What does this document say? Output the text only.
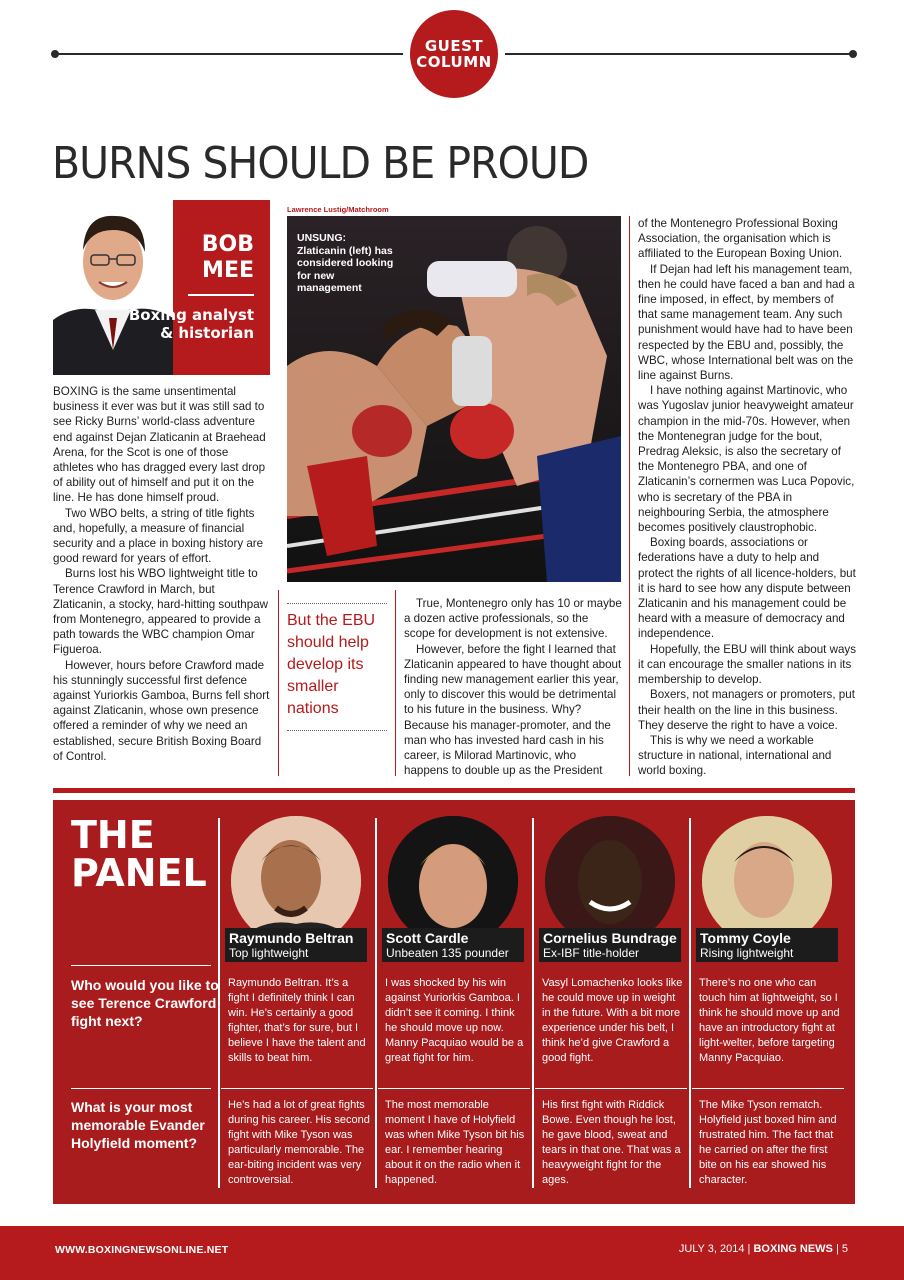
GUEST
COLUMN
BURNS SHOULD BE PROUD
BOB
MEE
Boxing analyst
& historian

BOXING is the same unsentimental business it ever was but it was still sad to see Ricky Burns’ world-class adventure end against Dejan Zlaticanin at Braehead Arena, for the Scot is one of those athletes who has dragged every last drop of ability out of himself and put it on the line. He has done himself proud.

Two WBO belts, a string of title fights and, hopefully, a measure of financial security and a place in boxing history are good reward for years of effort.

Burns lost his WBO lightweight title to Terence Crawford in March, but Zlaticanin, a stocky, hard-hitting southpaw from Montenegro, appeared to provide a path towards the WBC champion Omar Figueroa.

However, hours before Crawford made his stunningly successful first defence against Yuriorkis Gamboa, Burns fell short against Zlaticanin, whose own presence offered a reminder of why we need an established, secure British Boxing Board of Control.

Lawrence Lustig/Matchroom
UNSUNG: Zlaticanin (left) has considered looking for new management
But the EBU should help develop its smaller nations

True, Montenegro only has 10 or maybe a dozen active professionals, so the scope for development is not extensive.

However, before the fight I learned that Zlaticanin appeared to have thought about finding new management earlier this year, only to discover this would be detrimental to his future in the business. Why? Because his manager-promoter, and the man who has invested hard cash in his career, is Milorad Martinovic, who happens to double up as the President

of the Montenegro Professional Boxing Association, the organisation which is affiliated to the European Boxing Union.

If Dejan had left his management team, then he could have faced a ban and had a fine imposed, in effect, by members of that same management team. Any such punishment would have had to have been respected by the EBU and, possibly, the WBC, whose International belt was on the line against Burns.

I have nothing against Martinovic, who was Yugoslav junior heavyweight amateur champion in the mid-70s. However, when the Montenegran judge for the bout, Predrag Aleksic, is also the secretary of the Montenegro PBA, and one of Zlaticanin’s cornermen was Luca Popovic, who is secretary of the PBA in neighbouring Serbia, the atmosphere becomes positively claustrophobic.

Boxing boards, associations or federations have a duty to help and protect the rights of all licence-holders, but it is hard to see how any dispute between Zlaticanin and his management could be heard with a measure of democracy and independence.

Hopefully, the EBU will think about ways it can encourage the smaller nations in its membership to develop.

Boxers, not managers or promoters, put their health on the line in this business. They deserve the right to have a voice.

This is why we need a workable structure in national, international and world boxing.

THE
PANEL
Raymundo Beltran
Top lightweight
Scott Cardle
Unbeaten 135 pounder
Cornelius Bundrage
Ex-IBF title-holder
Tommy Coyle
Rising lightweight
Who would you like to see Terence Crawford fight next?
Raymundo Beltran. It’s a fight I definitely think I can win. He’s certainly a good fighter, that’s for sure, but I believe I have the talent and skills to beat him.
I was shocked by his win against Yuriorkis Gamboa. I didn’t see it coming. I think he should move up now. Manny Pacquiao would be a great fight for him.
Vasyl Lomachenko looks like he could move up in weight in the future. With a bit more experience under his belt, I think he’d give Crawford a good fight.
There’s no one who can touch him at lightweight, so I think he should move up and have an introductory fight at light-welter, before targeting Manny Pacquiao.
What is your most memorable Evander Holyfield moment?
He’s had a lot of great fights during his career. His second fight with Mike Tyson was particularly memorable. The ear-biting incident was very controversial.
The most memorable moment I have of Holyfield was when Mike Tyson bit his ear. I remember hearing about it on the radio when it happened.
His first fight with Riddick Bowe. Even though he lost, he gave blood, sweat and tears in that one. That was a heavyweight fight for the ages.
The Mike Tyson rematch. Holyfield just boxed him and frustrated him. The fact that he carried on after the first bite on his ear showed his character.
WWW.BOXINGNEWSONLINE.NET	JULY 3, 2014 | BOXING NEWS | 5
